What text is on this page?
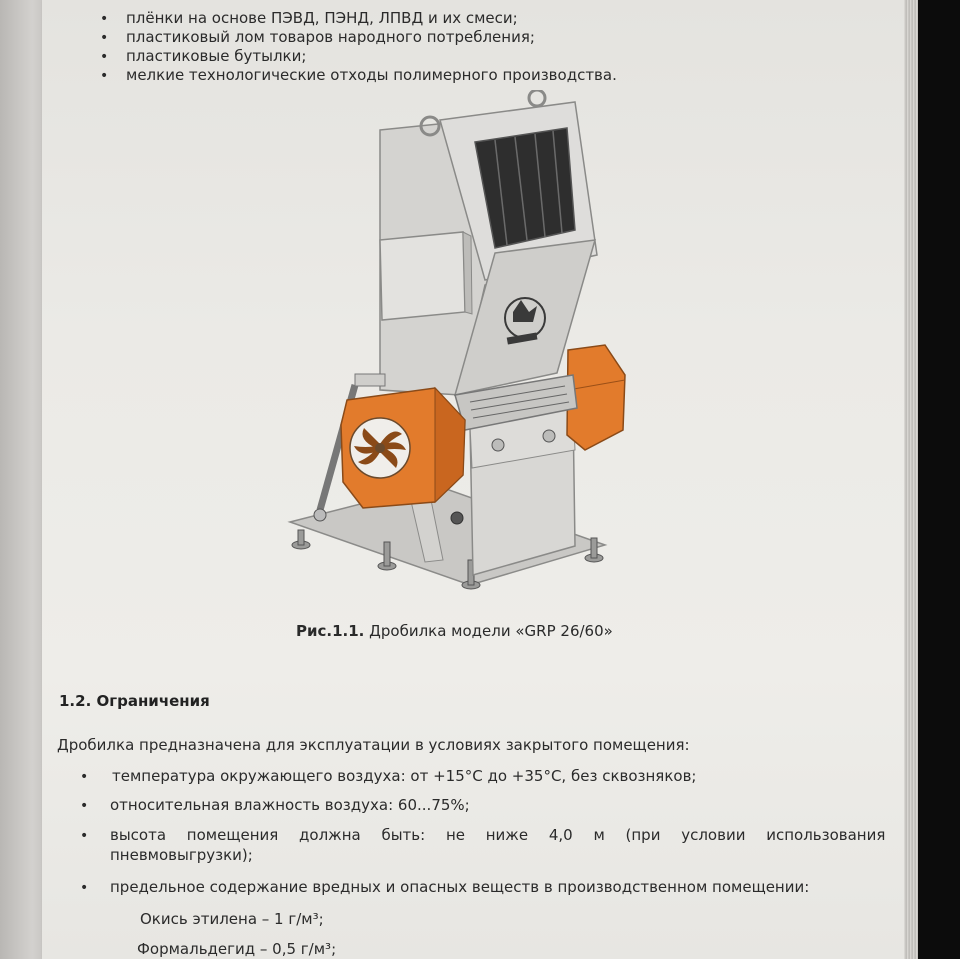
• плёнки на основе ПЭВД, ПЭНД, ЛПВД и их смеси;
• пластиковый лом товаров народного потребления;
• пластиковые бутылки;
• мелкие технологические отходы полимерного производства.
Рис.1.1. Дробилка модели «GRP 26/60»
1.2. Ограничения
Дробилка предназначена для эксплуатации в условиях закрытого помещения:
• температура окружающего воздуха: от +15°С до +35°С, без сквозняков;
• относительная влажность воздуха: 60...75%;
• высота помещения должна быть: не ниже 4,0 м (при условии использования
пневмовыгрузки);
• предельное содержание вредных и опасных веществ в производственном помещении:
Окись этилена – 1 г/м³;
Формальдегид – 0,5 г/м³;
